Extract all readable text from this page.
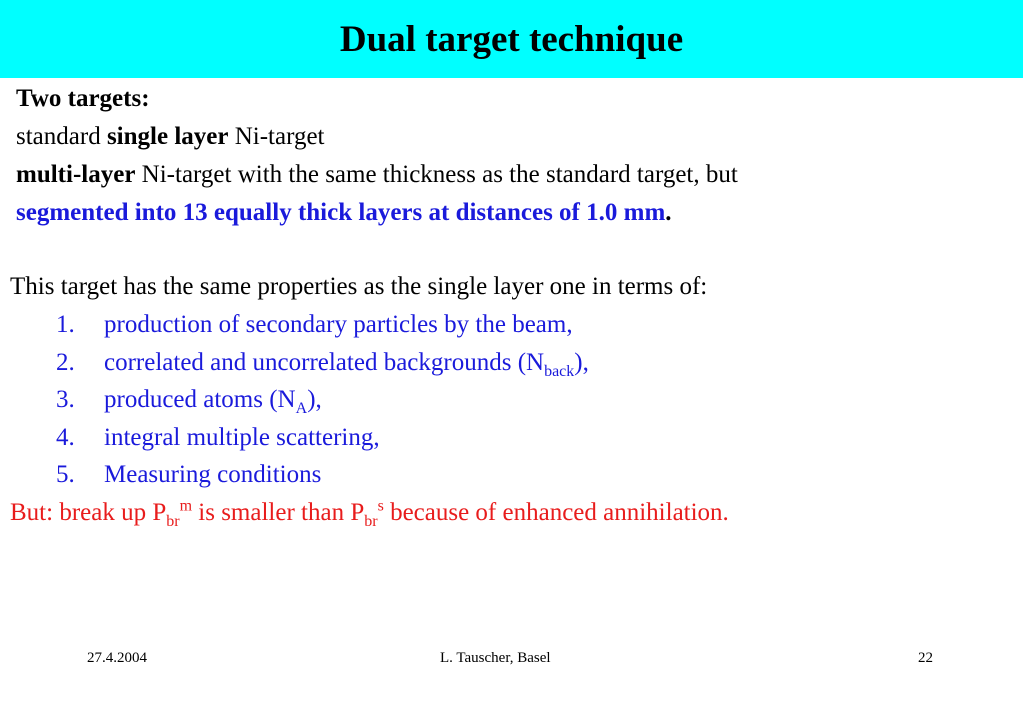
Dual target technique
Two targets:
standard single layer Ni-target
multi-layer Ni-target with the same thickness as the standard target, but
segmented into 13 equally thick layers at distances of 1.0 mm.
This target has the same properties as the single layer one in terms of:
1. production of secondary particles by the beam,
2. correlated and uncorrelated backgrounds $(N_{back})$,
3. produced atoms $(N_A)$,
4. integral multiple scattering,
5. Measuring conditions
But: break up $P_{br}^m$ is smaller than $P_{br}^s$ because of enhanced annihilation.
27.4.2004	L. Tauscher, Basel	22
